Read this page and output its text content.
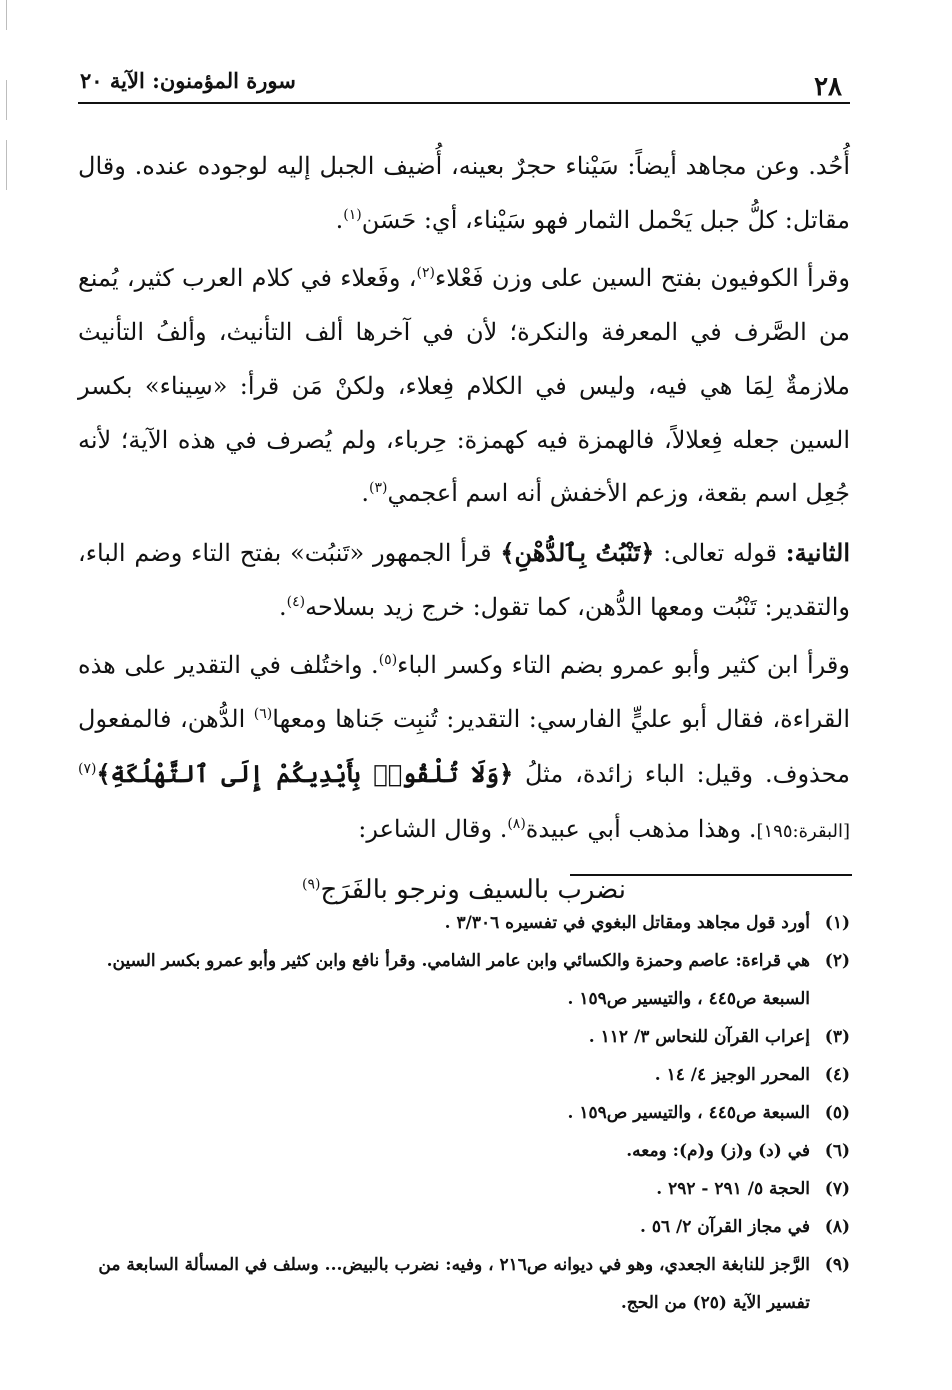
٢٨
سورة المؤمنون: الآية ٢٠

أُحُد. وعن مجاهد أيضاً: سَيْناء حجرٌ بعينه، أُضيف الجبل إليه لوجوده عنده. وقال مقاتل: كلُّ جبل يَحْمل الثمار فهو سَيْناء، أي: حَسَن$^{(١)}$.

وقرأ الكوفيون بفتح السين على وزن فَعْلاء$^{(٢)}$، وفَعلاء في كلام العرب كثير، يُمنع من الصَّرف في المعرفة والنكرة؛ لأن في آخرها ألف التأنيث، وألفُ التأنيث ملازمةٌ لِمَا هي فيه، وليس في الكلام فِعلاء، ولكنْ مَن قرأ: «سِيناء» بكسر السين جعله فِعلالاً، فالهمزة فيه كهمزة: حِرباء، ولم يُصرف في هذه الآية؛ لأنه جُعِل اسم بقعة، وزعم الأخفش أنه اسم أعجمي$^{(٣)}$.

الثانية: قوله تعالى: ﴿تَنْبُتُ بِٱلدُّهْنِ﴾ قرأ الجمهور «تَنبُت» بفتح التاء وضم الباء، والتقدير: تَنْبُت ومعها الدُّهن، كما تقول: خرج زيد بسلاحه$^{(٤)}$.

وقرأ ابن كثير وأبو عمرو بضم التاء وكسر الباء$^{(٥)}$. واختُلف في التقدير على هذه القراءة، فقال أبو عليٍّ الفارسي: التقدير: تُنبِت جَناها ومعها$^{(٦)}$ الدُّهن، فالمفعول محذوف. وقيل: الباء زائدة، مثلُ ﴿وَلَا تُلْقُوا۟ بِأَيْدِيكُمْ إِلَى ٱلتَّهْلُكَةِ﴾$^{(٧)}$ [البقرة:١٩٥]. وهذا مذهب أبي عبيدة$^{(٨)}$. وقال الشاعر:

نضرب بالسيف ونرجو بالفَرَج$^{(٩)}$
(١)
أورد قول مجاهد ومقاتل البغوي في تفسيره ٣/٣٠٦ .
(٢)
هي قراءة: عاصم وحمزة والكسائي وابن عامر الشامي. وقرأ نافع وابن كثير وأبو عمرو بكسر السين. السبعة ص٤٤٥ ، والتيسير ص١٥٩ .
(٣)
إعراب القرآن للنحاس ٣/ ١١٢ .
(٤)
المحرر الوجيز ٤/ ١٤ .
(٥)
السبعة ص٤٤٥ ، والتيسير ص١٥٩ .
(٦)
في (د) و(ز) و(م): ومعه.
(٧)
الحجة ٥/ ٢٩١ - ٢٩٢ .
(٨)
في مجاز القرآن ٢/ ٥٦ .
(٩)
الرَّجز للنابغة الجعدي، وهو في ديوانه ص٢١٦ ، وفيه: نضرب بالبيض... وسلف في المسألة السابعة من تفسير الآية (٢٥) من الحج.
